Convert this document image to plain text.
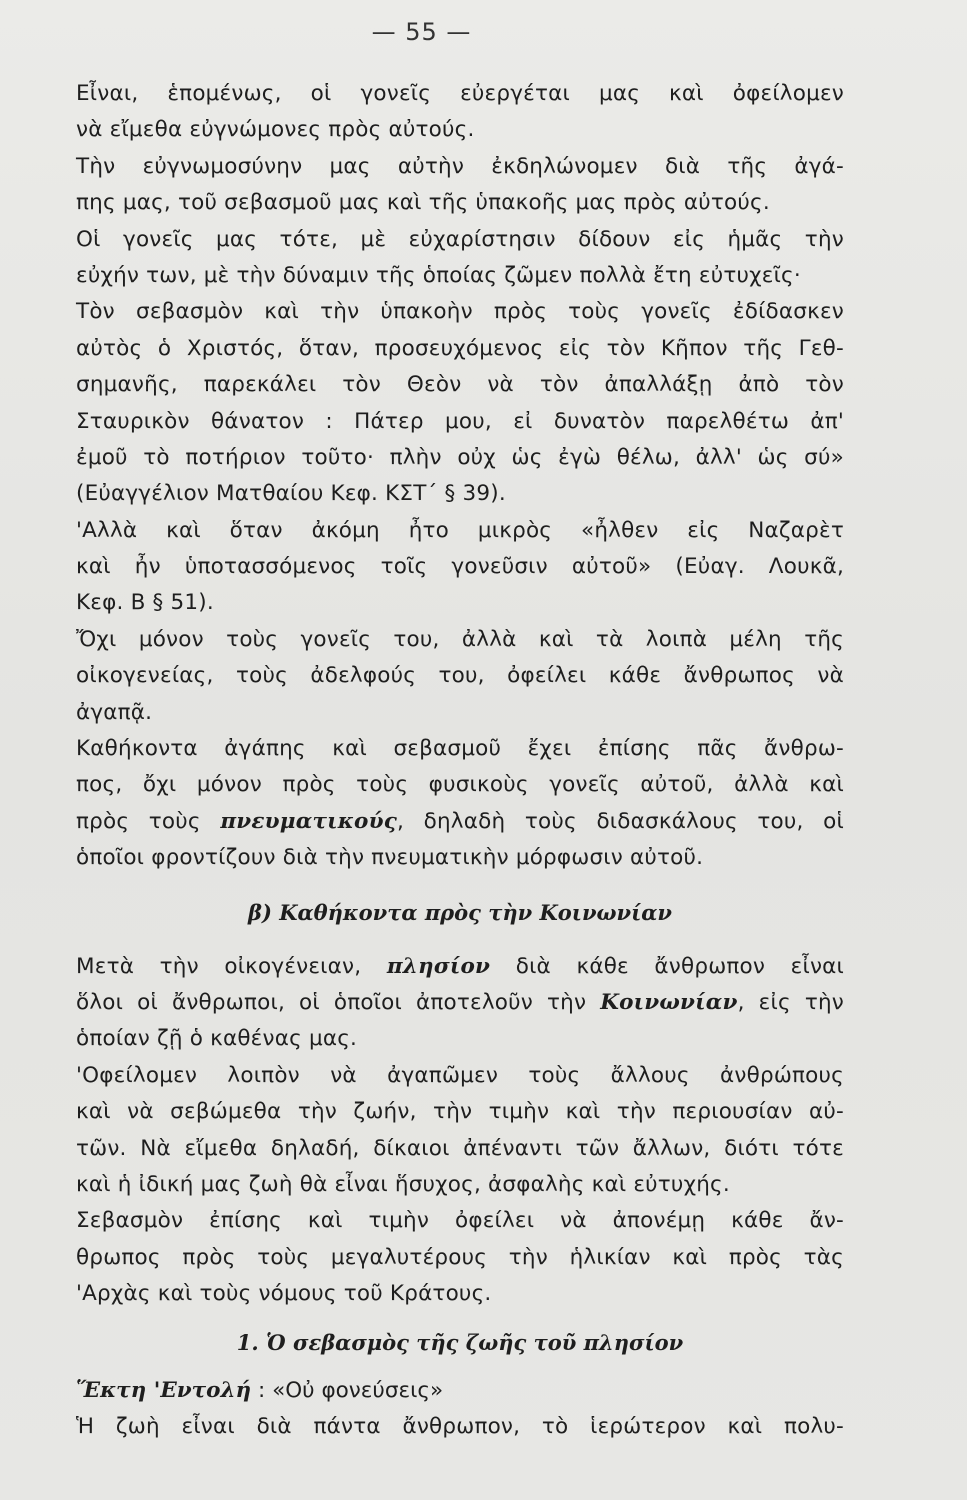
— 55 —
Εἶναι, ἑπομένως, οἱ γονεῖς εὐεργέται μας καὶ ὀφείλομεν
νὰ εἴμεθα εὐγνώμονες πρὸς αὐτούς.
Τὴν εὐγνωμοσύνην μας αὐτὴν ἐκδηλώνομεν διὰ τῆς ἀγά-
πης μας, τοῦ σεβασμοῦ μας καὶ τῆς ὑπακοῆς μας πρὸς αὐτούς.
Οἱ γονεῖς μας τότε, μὲ εὐχαρίστησιν δίδουν εἰς ἡμᾶς τὴν
εὐχήν των, μὲ τὴν δύναμιν τῆς ὁποίας ζῶμεν πολλὰ ἔτη εὐτυχεῖς·
Τὸν σεβασμὸν καὶ τὴν ὑπακοὴν πρὸς τοὺς γονεῖς ἐδίδασκεν
αὐτὸς ὁ Χριστός, ὅταν, προσευχόμενος εἰς τὸν Κῆπον τῆς Γεθ-
σημανῆς, παρεκάλει τὸν Θεὸν νὰ τὸν ἀπαλλάξῃ ἀπὸ τὸν
Σταυρικὸν θάνατον : Πάτερ μου, εἰ δυνατὸν παρελθέτω ἀπ'
ἐμοῦ τὸ ποτήριον τοῦτο· πλὴν οὐχ ὡς ἐγὼ θέλω, ἀλλ' ὡς σύ»
(Εὐαγγέλιον Ματθαίου Κεφ. ΚΣΤ΄ § 39).
'Αλλὰ καὶ ὅταν ἀκόμη ἦτο μικρὸς «ἦλθεν εἰς Ναζαρὲτ
καὶ ἦν ὑποτασσόμενος τοῖς γονεῦσιν αὐτοῦ» (Εὐαγ. Λουκᾶ,
Κεφ. Β § 51).
Ὄχι μόνον τοὺς γονεῖς του, ἀλλὰ καὶ τὰ λοιπὰ μέλη τῆς
οἰκογενείας, τοὺς ἀδελφούς του, ὀφείλει κάθε ἄνθρωπος νὰ
ἀγαπᾷ.
Καθήκοντα ἀγάπης καὶ σεβασμοῦ ἔχει ἐπίσης πᾶς ἄνθρω-
πος, ὄχι μόνον πρὸς τοὺς φυσικοὺς γονεῖς αὐτοῦ, ἀλλὰ καὶ
πρὸς τοὺς πνευματικούς, δηλαδὴ τοὺς διδασκάλους του, οἱ
ὁποῖοι φροντίζουν διὰ τὴν πνευματικὴν μόρφωσιν αὐτοῦ.
β) Καθήκοντα πρὸς τὴν Κοινωνίαν
Μετὰ τὴν οἰκογένειαν, πλησίον διὰ κάθε ἄνθρωπον εἶναι
ὅλοι οἱ ἄνθρωποι, οἱ ὁποῖοι ἀποτελοῦν τὴν Κοινωνίαν, εἰς τὴν
ὁποίαν ζῇ ὁ καθένας μας.
'Οφείλομεν λοιπὸν νὰ ἀγαπῶμεν τοὺς ἄλλους ἀνθρώπους
καὶ νὰ σεβώμεθα τὴν ζωήν, τὴν τιμὴν καὶ τὴν περιουσίαν αὐ-
τῶν. Νὰ εἴμεθα δηλαδή, δίκαιοι ἀπέναντι τῶν ἄλλων, διότι τότε
καὶ ἡ ἰδική μας ζωὴ θὰ εἶναι ἥσυχος, ἀσφαλὴς καὶ εὐτυχής.
Σεβασμὸν ἐπίσης καὶ τιμὴν ὀφείλει νὰ ἀπονέμῃ κάθε ἄν-
θρωπος πρὸς τοὺς μεγαλυτέρους τὴν ἡλικίαν καὶ πρὸς τὰς
'Αρχὰς καὶ τοὺς νόμους τοῦ Κράτους.
1. Ὁ σεβασμὸς τῆς ζωῆς τοῦ πλησίον
Ἕκτη 'Εντολή : «Οὐ φονεύσεις»
Ἡ ζωὴ εἶναι διὰ πάντα ἄνθρωπον, τὸ ἱερώτερον καὶ πολυ-
